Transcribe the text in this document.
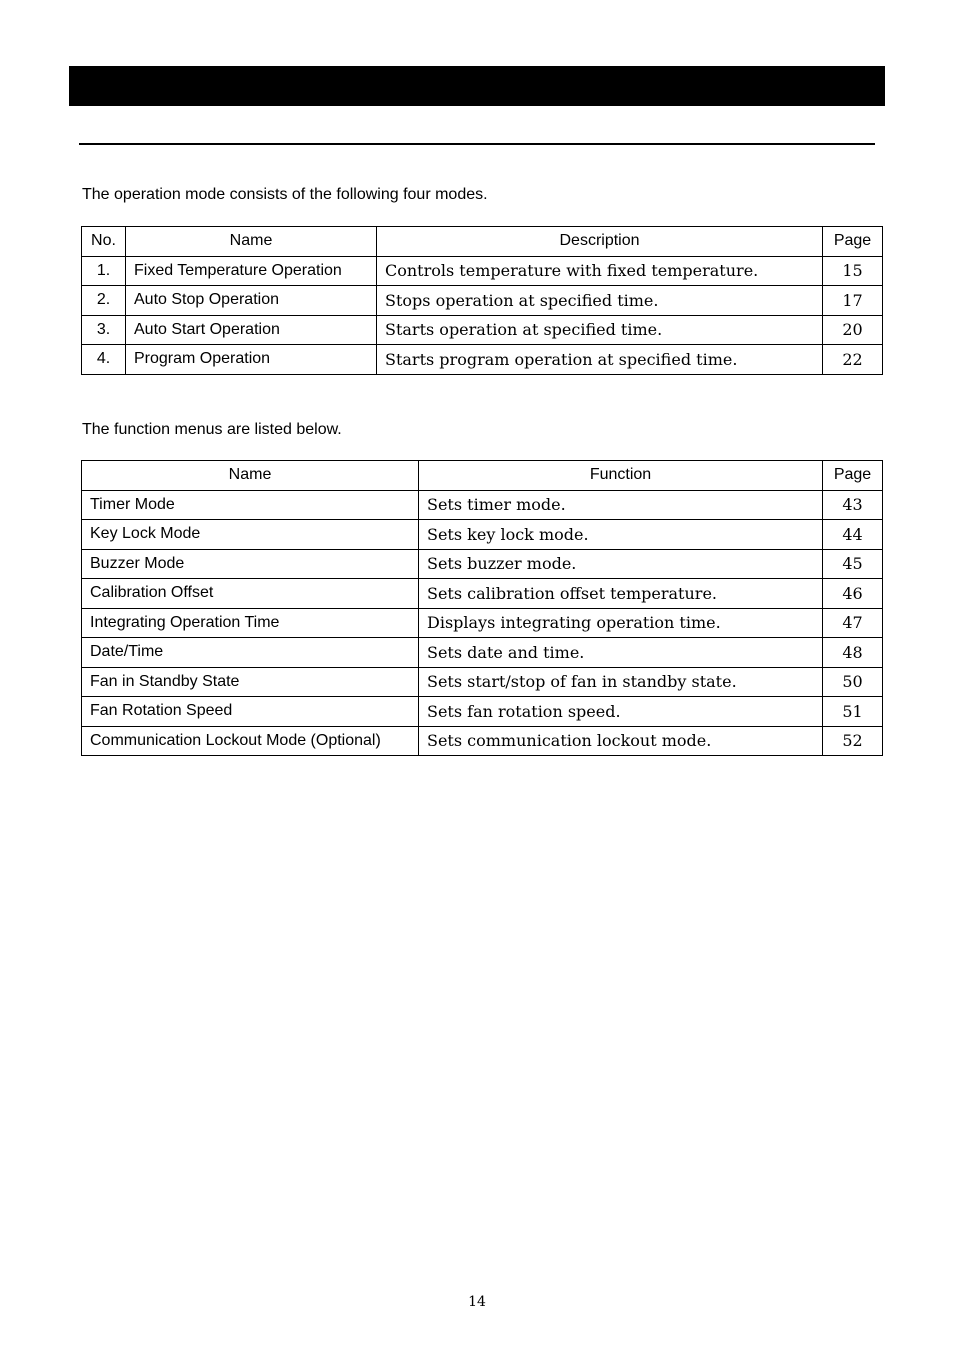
The operation mode consists of the following four modes.
No.	Name	Description	Page
1.	Fixed Temperature Operation	Controls temperature with fixed temperature.	15
2.	Auto Stop Operation	Stops operation at specified time.	17
3.	Auto Start Operation	Starts operation at specified time.	20
4.	Program Operation	Starts program operation at specified time.	22
The function menus are listed below.
Name	Function	Page
Timer Mode	Sets timer mode.	43
Key Lock Mode	Sets key lock mode.	44
Buzzer Mode	Sets buzzer mode.	45
Calibration Offset	Sets calibration offset temperature.	46
Integrating Operation Time	Displays integrating operation time.	47
Date/Time	Sets date and time.	48
Fan in Standby State	Sets start/stop of fan in standby state.	50
Fan Rotation Speed	Sets fan rotation speed.	51
Communication Lockout Mode (Optional)	Sets communication lockout mode.	52
14
